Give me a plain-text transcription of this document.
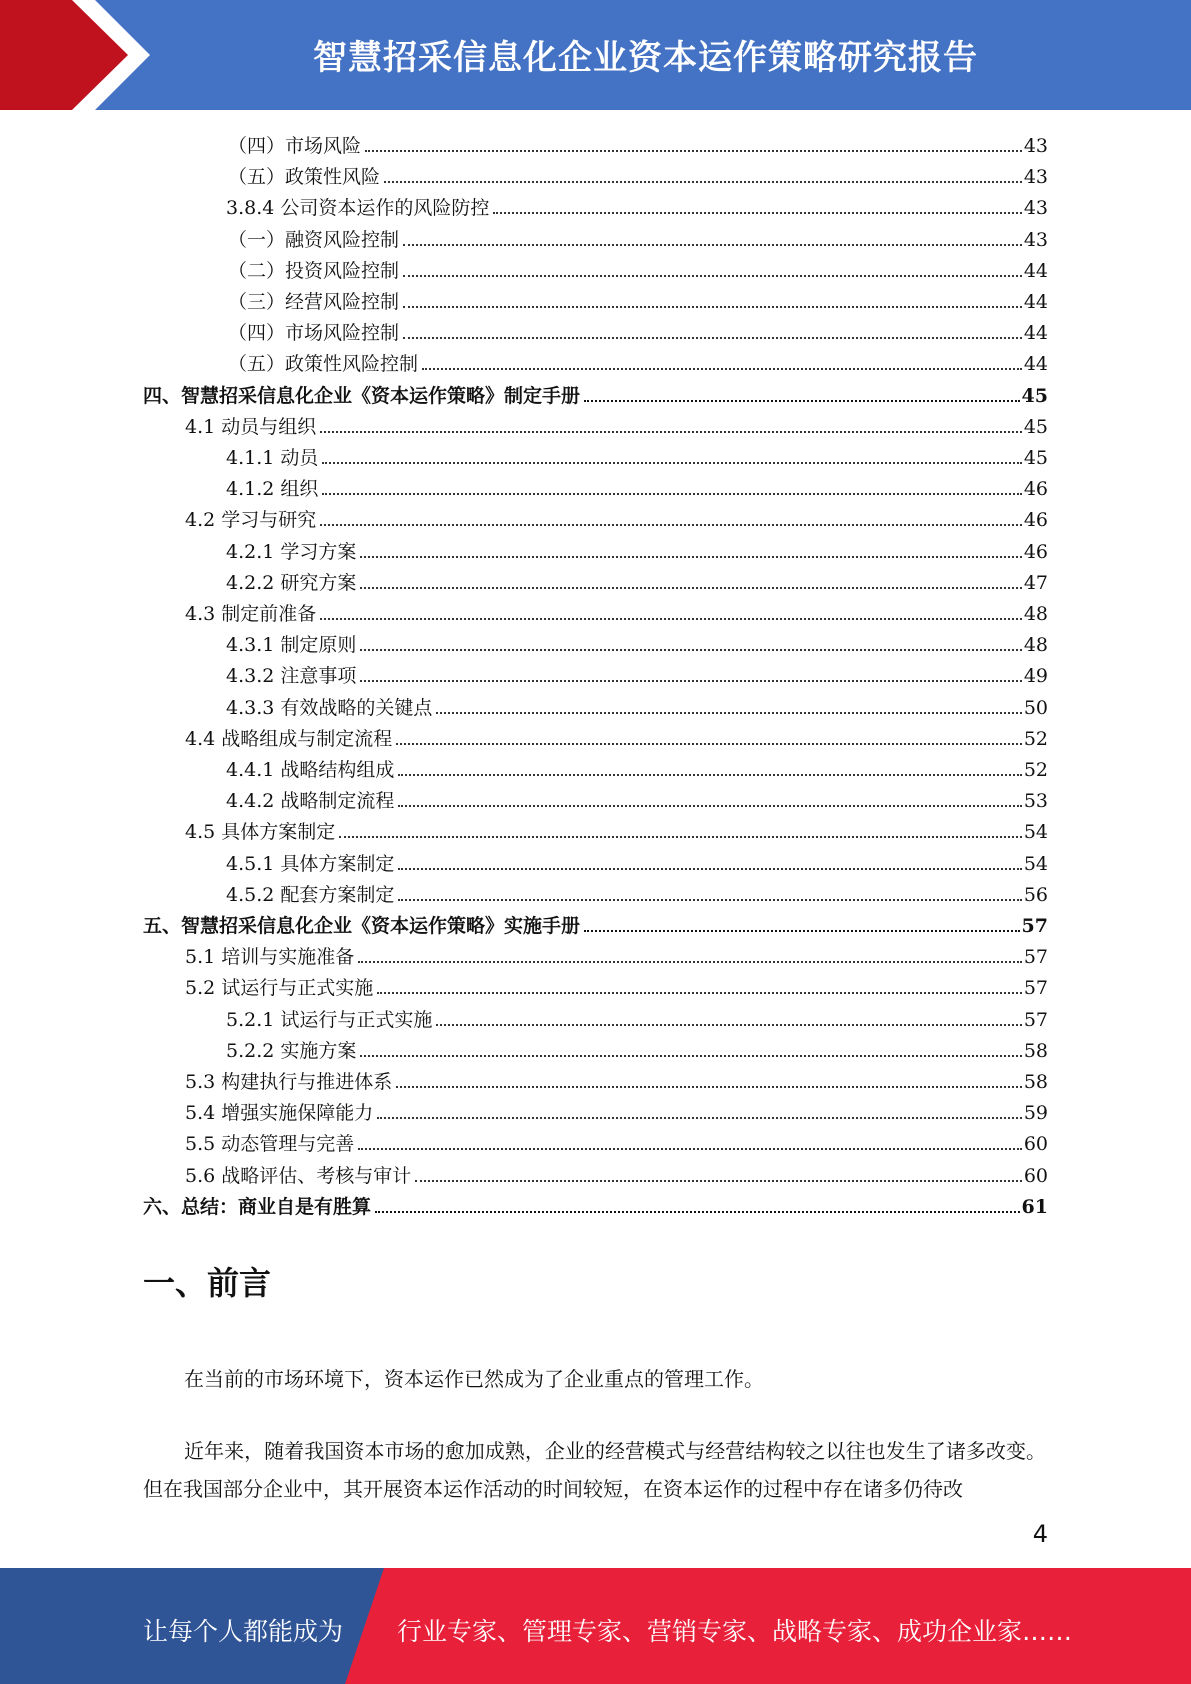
智慧招采信息化企业资本运作策略研究报告
（四）市场风险	43
（五）政策性风险	43
3.8.4 公司资本运作的风险防控	43
（一）融资风险控制	43
（二）投资风险控制	44
（三）经营风险控制	44
（四）市场风险控制	44
（五）政策性风险控制	44
四、智慧招采信息化企业《资本运作策略》制定手册	45
4.1 动员与组织	45
4.1.1 动员	45
4.1.2 组织	46
4.2 学习与研究	46
4.2.1 学习方案	46
4.2.2 研究方案	47
4.3 制定前准备	48
4.3.1 制定原则	48
4.3.2 注意事项	49
4.3.3 有效战略的关键点	50
4.4 战略组成与制定流程	52
4.4.1 战略结构组成	52
4.4.2 战略制定流程	53
4.5 具体方案制定	54
4.5.1 具体方案制定	54
4.5.2 配套方案制定	56
五、智慧招采信息化企业《资本运作策略》实施手册	57
5.1 培训与实施准备	57
5.2 试运行与正式实施	57
5.2.1 试运行与正式实施	57
5.2.2 实施方案	58
5.3 构建执行与推进体系	58
5.4 增强实施保障能力	59
5.5 动态管理与完善	60
5.6 战略评估、考核与审计	60
六、总结：商业自是有胜算	61
一、前言
在当前的市场环境下，资本运作已然成为了企业重点的管理工作。
近年来，随着我国资本市场的愈加成熟，企业的经营模式与经营结构较之以往也发生了诸多改变。但在我国部分企业中，其开展资本运作活动的时间较短，在资本运作的过程中存在诸多仍待改
4
让每个人都能成为 行业专家、管理专家、营销专家、战略专家、成功企业家……
